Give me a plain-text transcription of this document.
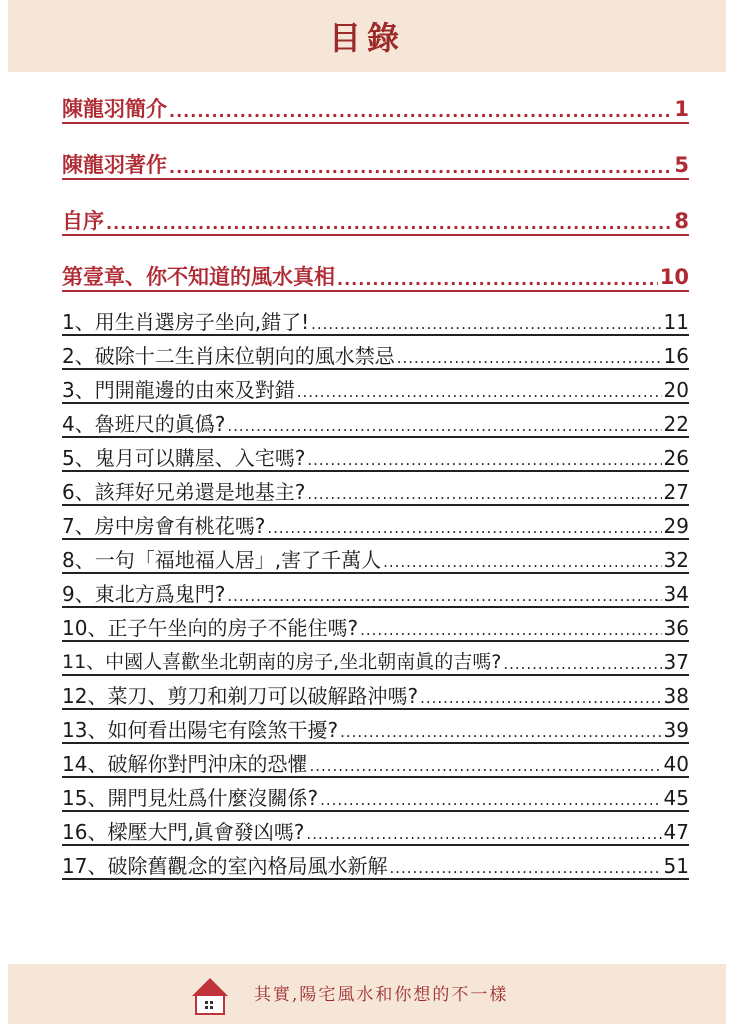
目錄
陳龍羽簡介 .....	1
陳龍羽著作 .....	5
自序 .....	8
第壹章、你不知道的風水真相 .....	10
1、用生肖選房子坐向,錯了! .....	11
2、破除十二生肖床位朝向的風水禁忌 .....	16
3、門開龍邊的由來及對錯 .....	20
4、魯班尺的眞僞? .....	22
5、鬼月可以購屋、入宅嗎? .....	26
6、該拜好兄弟還是地基主? .....	27
7、房中房會有桃花嗎? .....	29
8、一句「福地福人居」,害了千萬人 .....	32
9、東北方爲鬼門? .....	34
10、正子午坐向的房子不能住嗎? .....	36
11、中國人喜歡坐北朝南的房子,坐北朝南眞的吉嗎? .....	37
12、菜刀、剪刀和剃刀可以破解路沖嗎? .....	38
13、如何看出陽宅有陰煞干擾? .....	39
14、破解你對門沖床的恐懼 .....	40
15、開門見灶爲什麼沒關係? .....	45
16、樑壓大門,眞會發凶嗎? .....	47
17、破除舊觀念的室內格局風水新解 .....	51
其實,陽宅風水和你想的不一樣
